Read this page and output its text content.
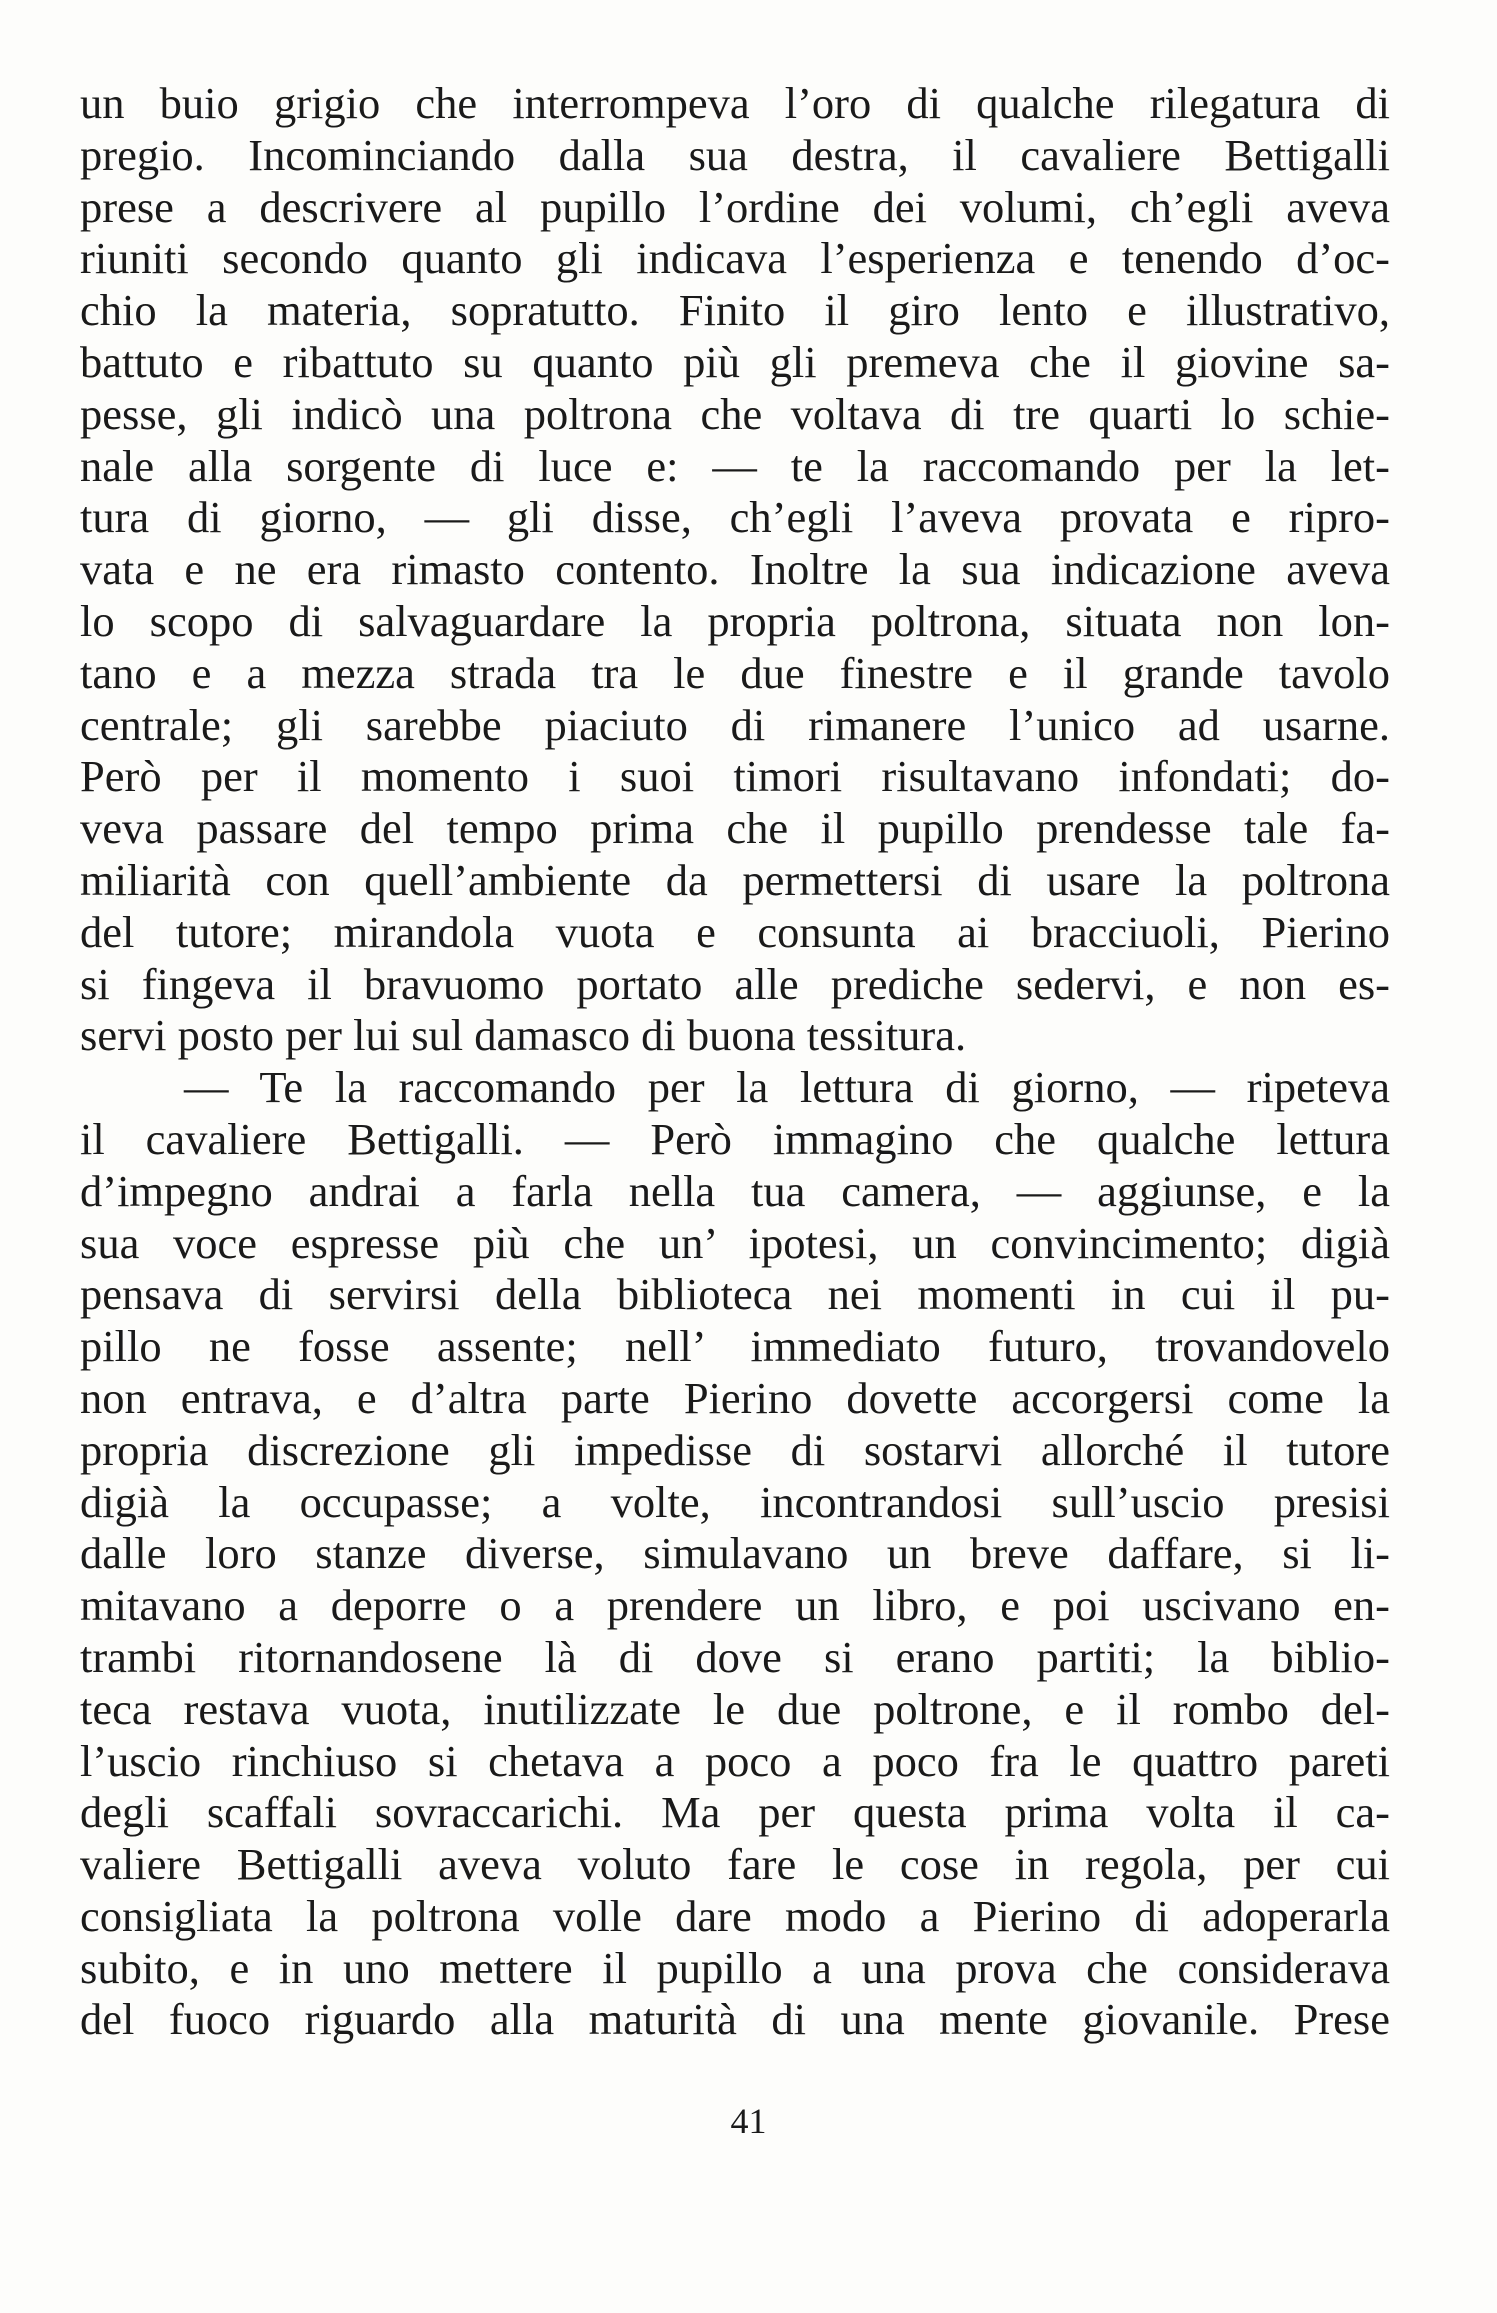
un buio grigio che interrompeva l’oro di qualche rilegatura di
pregio. Incominciando dalla sua destra, il cavaliere Bettigalli
prese a descrivere al pupillo l’ordine dei volumi, ch’egli aveva
riuniti secondo quanto gli indicava l’esperienza e tenendo d’oc-
chio la materia, sopratutto. Finito il giro lento e illustrativo,
battuto e ribattuto su quanto più gli premeva che il giovine sa-
pesse, gli indicò una poltrona che voltava di tre quarti lo schie-
nale alla sorgente di luce e: — te la raccomando per la let-
tura di giorno, — gli disse, ch’egli l’aveva provata e ripro-
vata e ne era rimasto contento. Inoltre la sua indicazione aveva
lo scopo di salvaguardare la propria poltrona, situata non lon-
tano e a mezza strada tra le due finestre e il grande tavolo
centrale; gli sarebbe piaciuto di rimanere l’unico ad usarne.
Però per il momento i suoi timori risultavano infondati; do-
veva passare del tempo prima che il pupillo prendesse tale fa-
miliarità con quell’ambiente da permettersi di usare la poltrona
del tutore; mirandola vuota e consunta ai bracciuoli, Pierino
si fingeva il bravuomo portato alle prediche sedervi, e non es-
servi posto per lui sul damasco di buona tessitura.
— Te la raccomando per la lettura di giorno, — ripeteva
il cavaliere Bettigalli. — Però immagino che qualche lettura
d’impegno andrai a farla nella tua camera, — aggiunse, e la
sua voce espresse più che un’ ipotesi, un convincimento; digià
pensava di servirsi della biblioteca nei momenti in cui il pu-
pillo ne fosse assente; nell’ immediato futuro, trovandovelo
non entrava, e d’altra parte Pierino dovette accorgersi come la
propria discrezione gli impedisse di sostarvi allorché il tutore
digià la occupasse; a volte, incontrandosi sull’uscio presisi
dalle loro stanze diverse, simulavano un breve daffare, si li-
mitavano a deporre o a prendere un libro, e poi uscivano en-
trambi ritornandosene là di dove si erano partiti; la biblio-
teca restava vuota, inutilizzate le due poltrone, e il rombo del-
l’uscio rinchiuso si chetava a poco a poco fra le quattro pareti
degli scaffali sovraccarichi. Ma per questa prima volta il ca-
valiere Bettigalli aveva voluto fare le cose in regola, per cui
consigliata la poltrona volle dare modo a Pierino di adoperarla
subito, e in uno mettere il pupillo a una prova che considerava
del fuoco riguardo alla maturità di una mente giovanile. Prese
41
